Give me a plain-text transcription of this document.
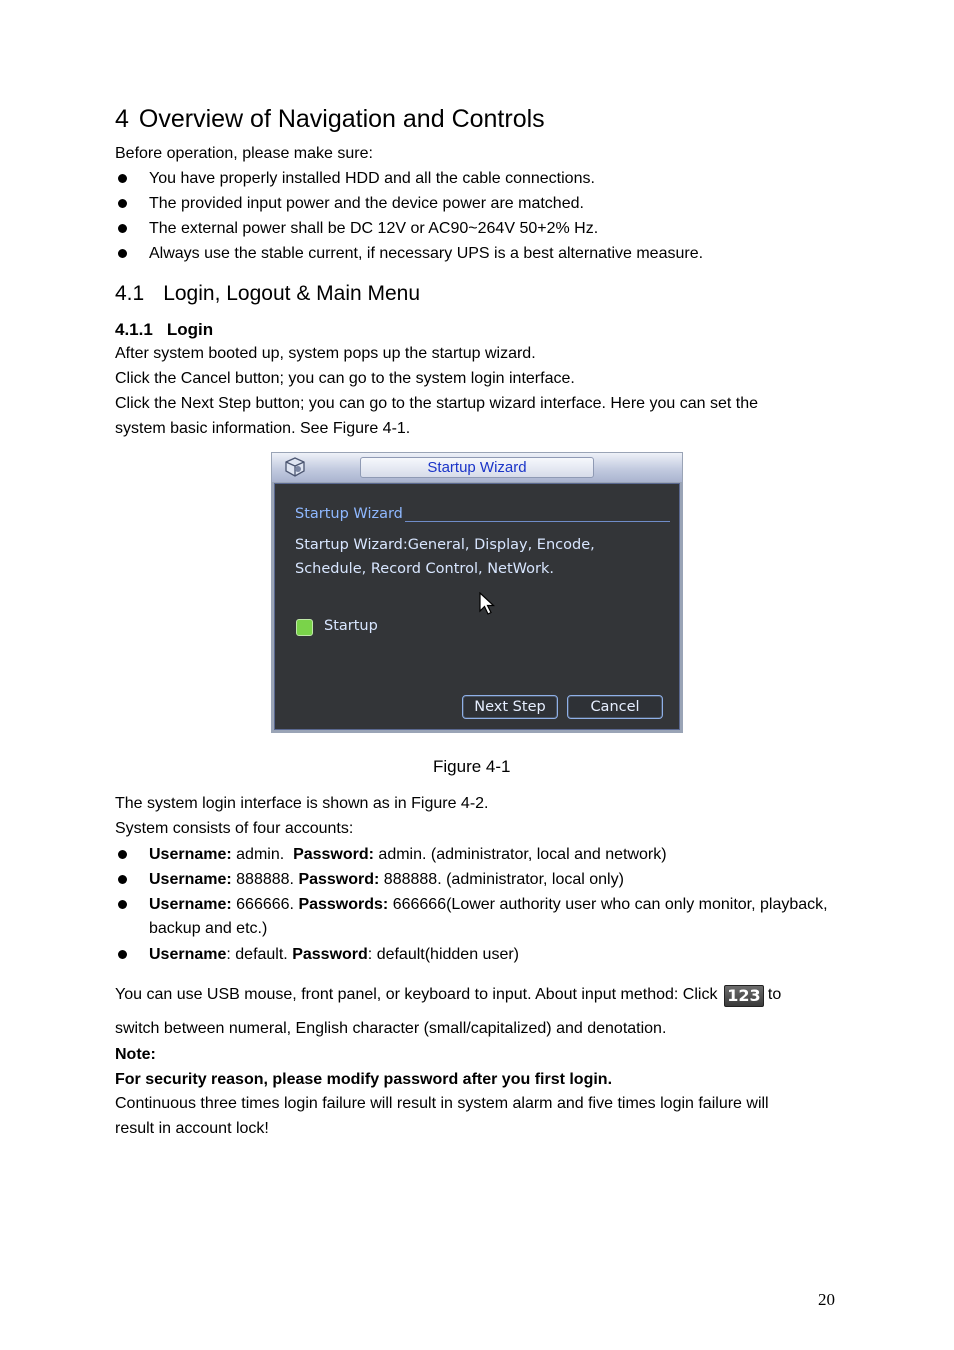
4 Overview of Navigation and Controls
Before operation, please make sure:
You have properly installed HDD and all the cable connections.
The provided input power and the device power are matched.
The external power shall be DC 12V or AC90~264V 50+2% Hz.
Always use the stable current, if necessary UPS is a best alternative measure.
4.1 Login, Logout & Main Menu
4.1.1 Login
After system booted up, system pops up the startup wizard.
Click the Cancel button; you can go to the system login interface.
Click the Next Step button; you can go to the startup wizard interface. Here you can set the
system basic information. See Figure 4-1.
Startup Wizard
Startup Wizard
Startup Wizard:General, Display, Encode,
Schedule, Record Control, NetWork.
Startup
Next Step	Cancel
Figure 4-1
The system login interface is shown as in Figure 4-2.
System consists of four accounts:
Username: admin.  Password: admin. (administrator, local and network)
Username: 888888. Password: 888888. (administrator, local only)
Username: 666666. Passwords: 666666(Lower authority user who can only monitor, playback,
backup and etc.)
Username: default. Password: default(hidden user)
You can use USB mouse, front panel, or keyboard to input. About input method: Click 123 to
switch between numeral, English character (small/capitalized) and denotation.
Note:
For security reason, please modify password after you first login.
Continuous three times login failure will result in system alarm and five times login failure will
result in account lock!
20
